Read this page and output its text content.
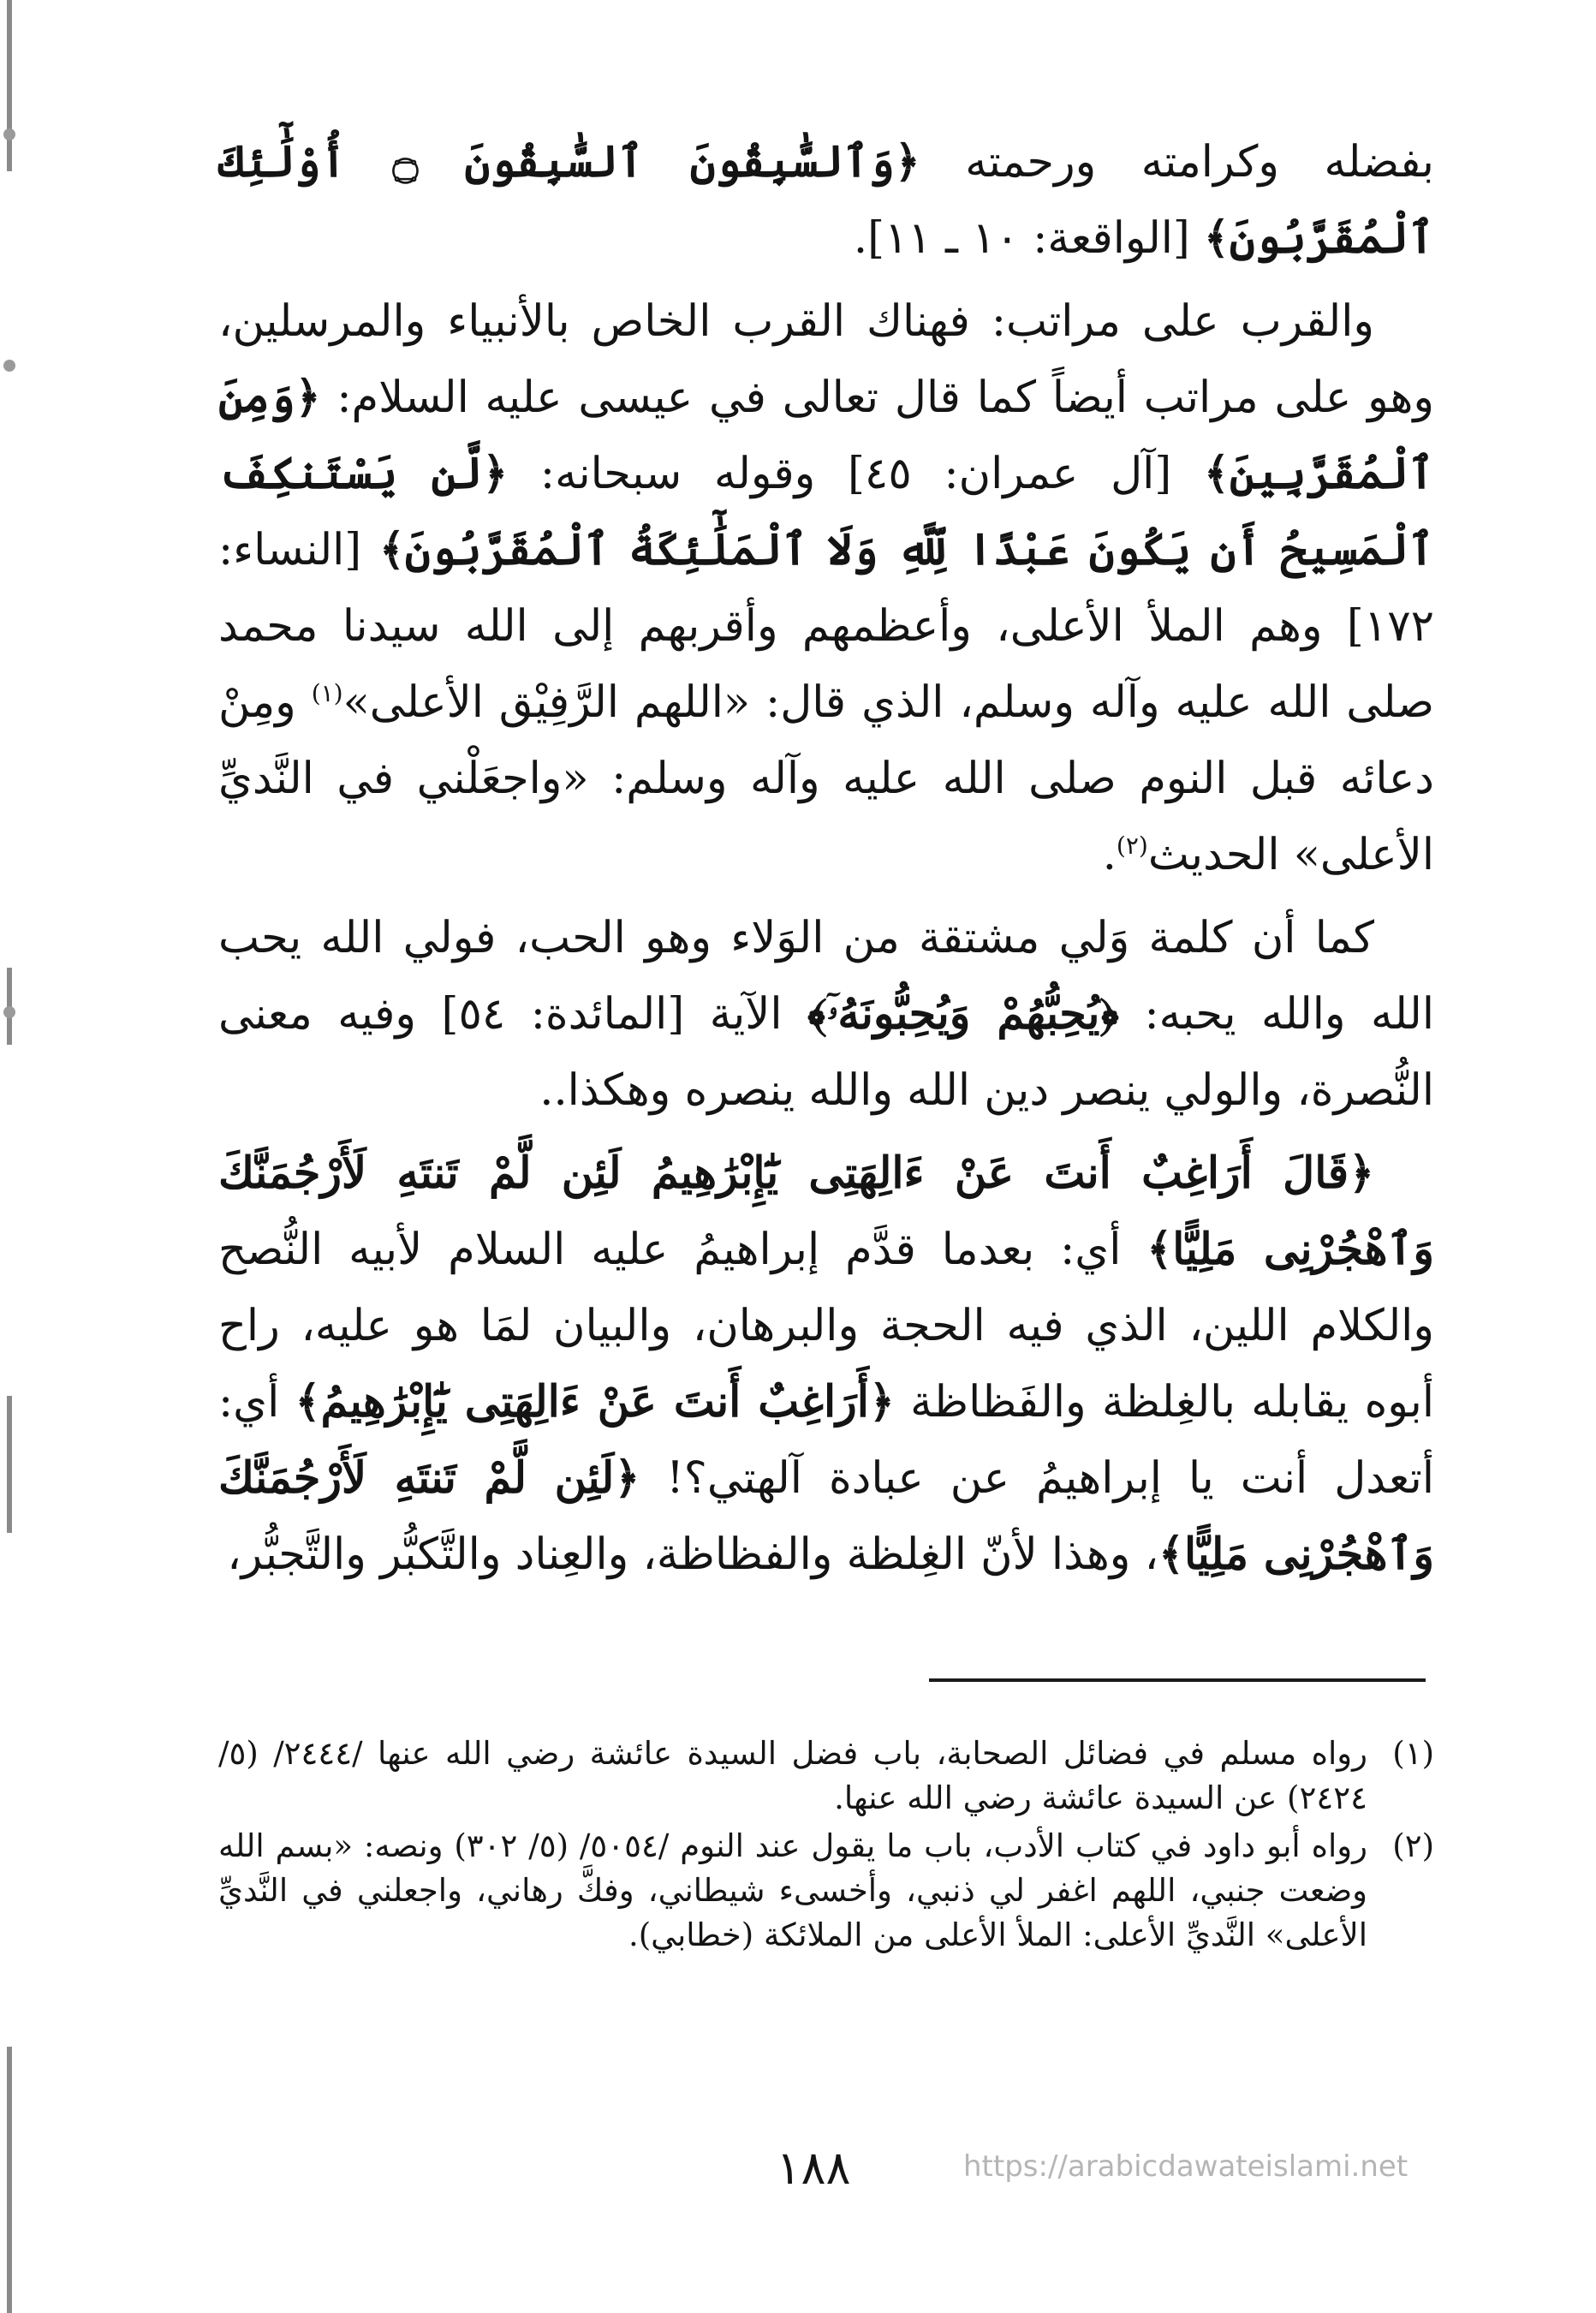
بفضله وكرامته ورحمته ﴿وَٱلسَّٰبِقُونَ ٱلسَّٰبِقُونَ ۝ أُوْلَٰٓئِكَ ٱلْمُقَرَّبُونَ﴾ [الواقعة: ١٠ ـ ١١].

والقرب على مراتب: فهناك القرب الخاص بالأنبياء والمرسلين، وهو على مراتب أيضاً كما قال تعالى في عيسى عليه السلام: ﴿وَمِنَ ٱلْمُقَرَّبِينَ﴾ [آل عمران: ٤٥] وقوله سبحانه: ﴿لَّن يَسْتَنكِفَ ٱلْمَسِيحُ أَن يَكُونَ عَبْدًا لِّلَّهِ وَلَا ٱلْمَلَٰٓئِكَةُ ٱلْمُقَرَّبُونَ﴾ [النساء: ١٧٢] وهم الملأ الأعلى، وأعظمهم وأقربهم إلى الله سيدنا محمد صلى الله عليه وآله وسلم، الذي قال: «اللهم الرَّفِيْق الأعلى»$^{(١)}$ ومِنْ دعائه قبل النوم صلى الله عليه وآله وسلم: «واجعَلْني في النَّديِّ الأعلى» الحديث$^{(٢)}$.

كما أن كلمة وَلي مشتقة من الوَلاء وهو الحب، فولي الله يحب الله والله يحبه: ﴿يُحِبُّهُمْ وَيُحِبُّونَهُۥٓ﴾ الآية [المائدة: ٥٤] وفيه معنى النُّصرة، والولي ينصر دين الله والله ينصره وهكذا..

﴿قَالَ أَرَاغِبٌ أَنتَ عَنْ ءَالِهَتِى يَٰٓإِبْرَٰهِيمُ لَئِن لَّمْ تَنتَهِ لَأَرْجُمَنَّكَ وَٱهْجُرْنِى مَلِيًّا﴾ أي: بعدما قدَّم إبراهيمُ عليه السلام لأبيه النُّصح والكلام اللين، الذي فيه الحجة والبرهان، والبيان لمَا هو عليه، راح أبوه يقابله بالغِلظة والفَظاظة ﴿أَرَاغِبٌ أَنتَ عَنْ ءَالِهَتِى يَٰٓإِبْرَٰهِيمُ﴾ أي: أتعدل أنت يا إبراهيمُ عن عبادة آلهتي؟! ﴿لَئِن لَّمْ تَنتَهِ لَأَرْجُمَنَّكَ وَٱهْجُرْنِى مَلِيًّا﴾، وهذا لأنّ الغِلظة والفظاظة، والعِناد والتَّكبُّر والتَّجبُّر،

(١)
رواه مسلم في فضائل الصحابة، باب فضل السيدة عائشة رضي الله عنها /٢٤٤٤/ (٥/ ٢٤٢٤) عن السيدة عائشة رضي الله عنها.
(٢)
رواه أبو داود في كتاب الأدب، باب ما يقول عند النوم /٥٠٥٤/ (٥/ ٣٠٢) ونصه: «بسم الله وضعت جنبي، اللهم اغفر لي ذنبي، وأخسىء شيطاني، وفكَّ رهاني، واجعلني في النَّديِّ الأعلى» النَّديِّ الأعلى: الملأ الأعلى من الملائكة (خطابي).
١٨٨	https://arabicdawateislami.net
